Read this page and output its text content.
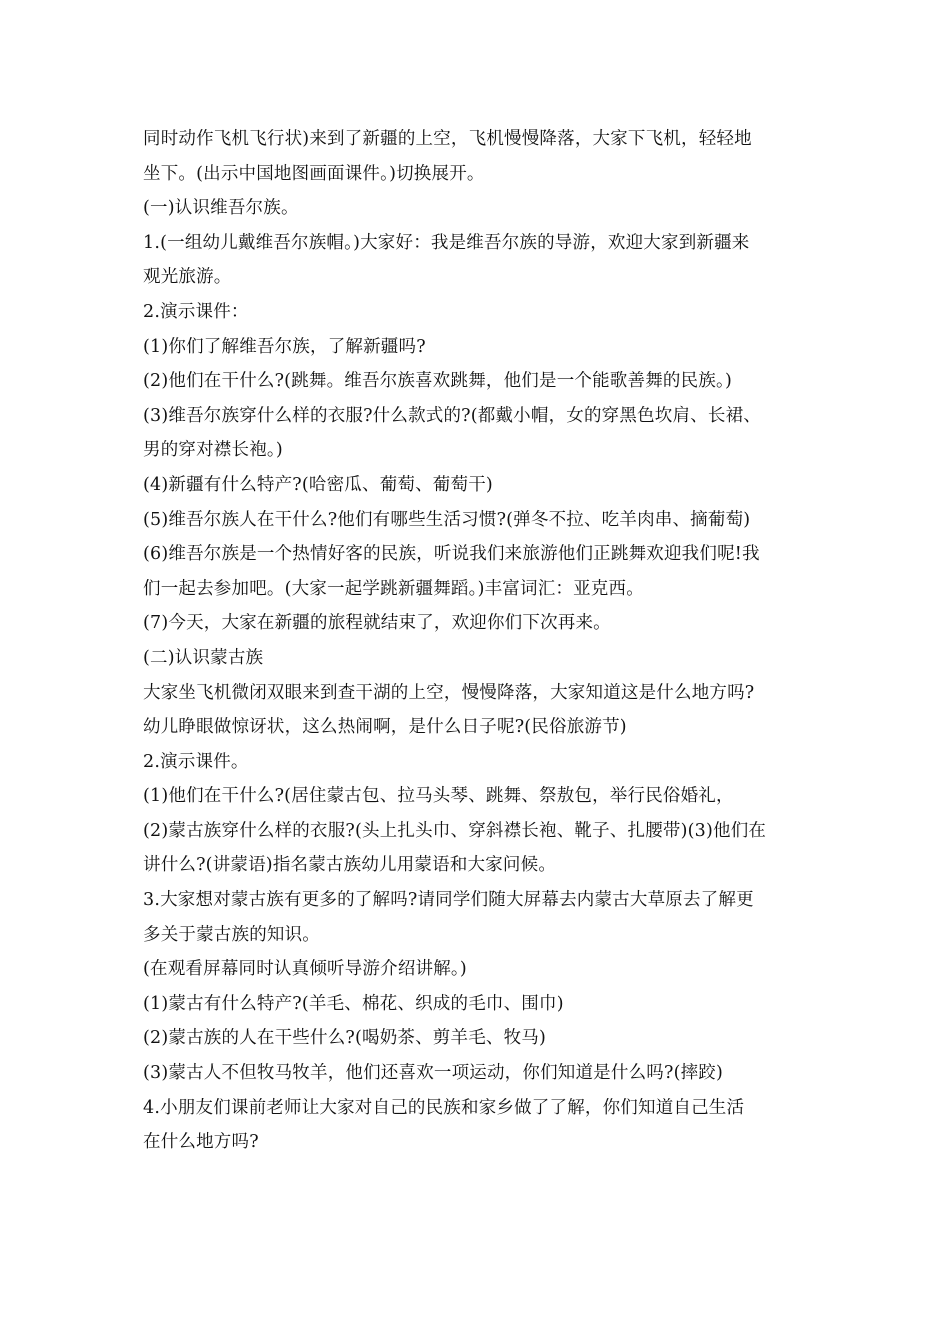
同时动作飞机飞行状)来到了新疆的上空，飞机慢慢降落，大家下飞机，轻轻地
坐下。(出示中国地图画面课件。)切换展开。
(一)认识维吾尔族。
1.(一组幼儿戴维吾尔族帽。)大家好：我是维吾尔族的导游，欢迎大家到新疆来
观光旅游。
2.演示课件：
(1)你们了解维吾尔族，了解新疆吗?
(2)他们在干什么?(跳舞。维吾尔族喜欢跳舞，他们是一个能歌善舞的民族。)
(3)维吾尔族穿什么样的衣服?什么款式的?(都戴小帽，女的穿黑色坎肩、长裙、
男的穿对襟长袍。)
(4)新疆有什么特产?(哈密瓜、葡萄、葡萄干)
(5)维吾尔族人在干什么?他们有哪些生活习惯?(弹冬不拉、吃羊肉串、摘葡萄)
(6)维吾尔族是一个热情好客的民族，听说我们来旅游他们正跳舞欢迎我们呢!我
们一起去参加吧。(大家一起学跳新疆舞蹈。)丰富词汇：亚克西。
(7)今天，大家在新疆的旅程就结束了，欢迎你们下次再来。
(二)认识蒙古族
大家坐飞机微闭双眼来到查干湖的上空，慢慢降落，大家知道这是什么地方吗?
幼儿睁眼做惊讶状，这么热闹啊，是什么日子呢?(民俗旅游节)
2.演示课件。
(1)他们在干什么?(居住蒙古包、拉马头琴、跳舞、祭敖包，举行民俗婚礼，
(2)蒙古族穿什么样的衣服?(头上扎头巾、穿斜襟长袍、靴子、扎腰带)(3)他们在
讲什么?(讲蒙语)指名蒙古族幼儿用蒙语和大家问候。
3.大家想对蒙古族有更多的了解吗?请同学们随大屏幕去内蒙古大草原去了解更
多关于蒙古族的知识。
(在观看屏幕同时认真倾听导游介绍讲解。)
(1)蒙古有什么特产?(羊毛、棉花、织成的毛巾、围巾)
(2)蒙古族的人在干些什么?(喝奶茶、剪羊毛、牧马)
(3)蒙古人不但牧马牧羊，他们还喜欢一项运动，你们知道是什么吗?(摔跤)
4.小朋友们课前老师让大家对自己的民族和家乡做了了解，你们知道自己生活
在什么地方吗?
